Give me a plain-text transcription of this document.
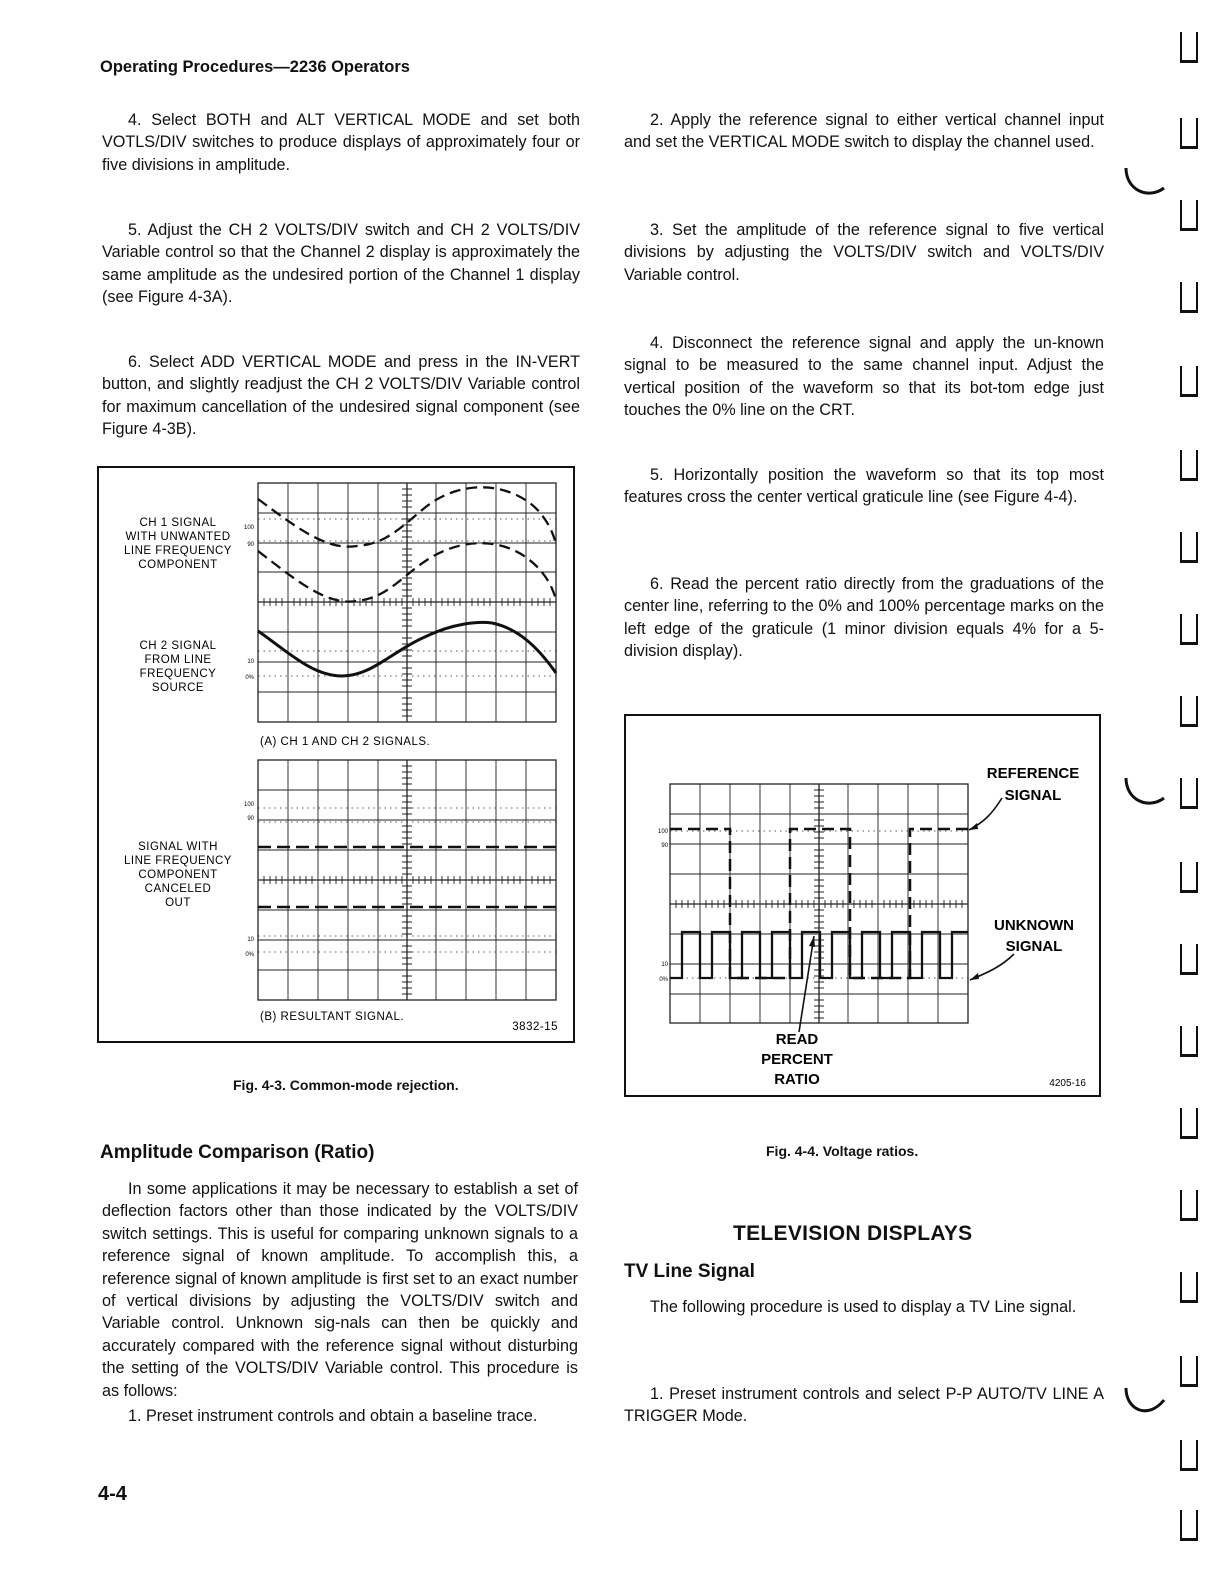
Operating Procedures—2236 Operators

4. Select BOTH and ALT VERTICAL MODE and set both VOTLS/DIV switches to produce displays of approximately four or five divisions in amplitude.

5. Adjust the CH 2 VOLTS/DIV switch and CH 2 VOLTS/DIV Variable control so that the Channel 2 display is approximately the same amplitude as the undesired portion of the Channel 1 display (see Figure 4-3A).

6. Select ADD VERTICAL MODE and press in the IN-VERT button, and slightly readjust the CH 2 VOLTS/DIV Variable control for maximum cancellation of the undesired signal component (see Figure 4-3B).

100
90
10
0%
100
90
10
0%
CH 1 SIGNAL
WITH UNWANTED
LINE FREQUENCY
COMPONENT
CH 2 SIGNAL
FROM LINE
FREQUENCY
SOURCE
SIGNAL WITH
LINE FREQUENCY
COMPONENT
CANCELED
OUT
(A) CH 1 AND CH 2 SIGNALS.
(B) RESULTANT SIGNAL.
3832-15
Fig. 4-3. Common-mode rejection.
Amplitude Comparison (Ratio)

In some applications it may be necessary to establish a set of deflection factors other than those indicated by the VOLTS/DIV switch settings. This is useful for comparing unknown signals to a reference signal of known amplitude. To accomplish this, a reference signal of known amplitude is first set to an exact number of vertical divisions by adjusting the VOLTS/DIV switch and Variable control. Unknown sig-nals can then be quickly and accurately compared with the reference signal without disturbing the setting of the VOLTS/DIV Variable control. This procedure is as follows:

1. Preset instrument controls and obtain a baseline trace.

2. Apply the reference signal to either vertical channel input and set the VERTICAL MODE switch to display the channel used.

3. Set the amplitude of the reference signal to five vertical divisions by adjusting the VOLTS/DIV switch and VOLTS/DIV Variable control.

4. Disconnect the reference signal and apply the un-known signal to be measured to the same channel input. Adjust the vertical position of the waveform so that its bot-tom edge just touches the 0% line on the CRT.

5. Horizontally position the waveform so that its top most features cross the center vertical graticule line (see Figure 4-4).

6. Read the percent ratio directly from the graduations of the center line, referring to the 0% and 100% percentage marks on the left edge of the graticule (1 minor division equals 4% for a 5-division display).

100
90
10
0%
REFERENCE
SIGNAL
UNKNOWN
SIGNAL
READ
PERCENT
RATIO	4205-16
Fig. 4-4. Voltage ratios.
TELEVISION DISPLAYS
TV Line Signal

The following procedure is used to display a TV Line signal.

1. Preset instrument controls and select P-P AUTO/TV LINE A TRIGGER Mode.

4-4
